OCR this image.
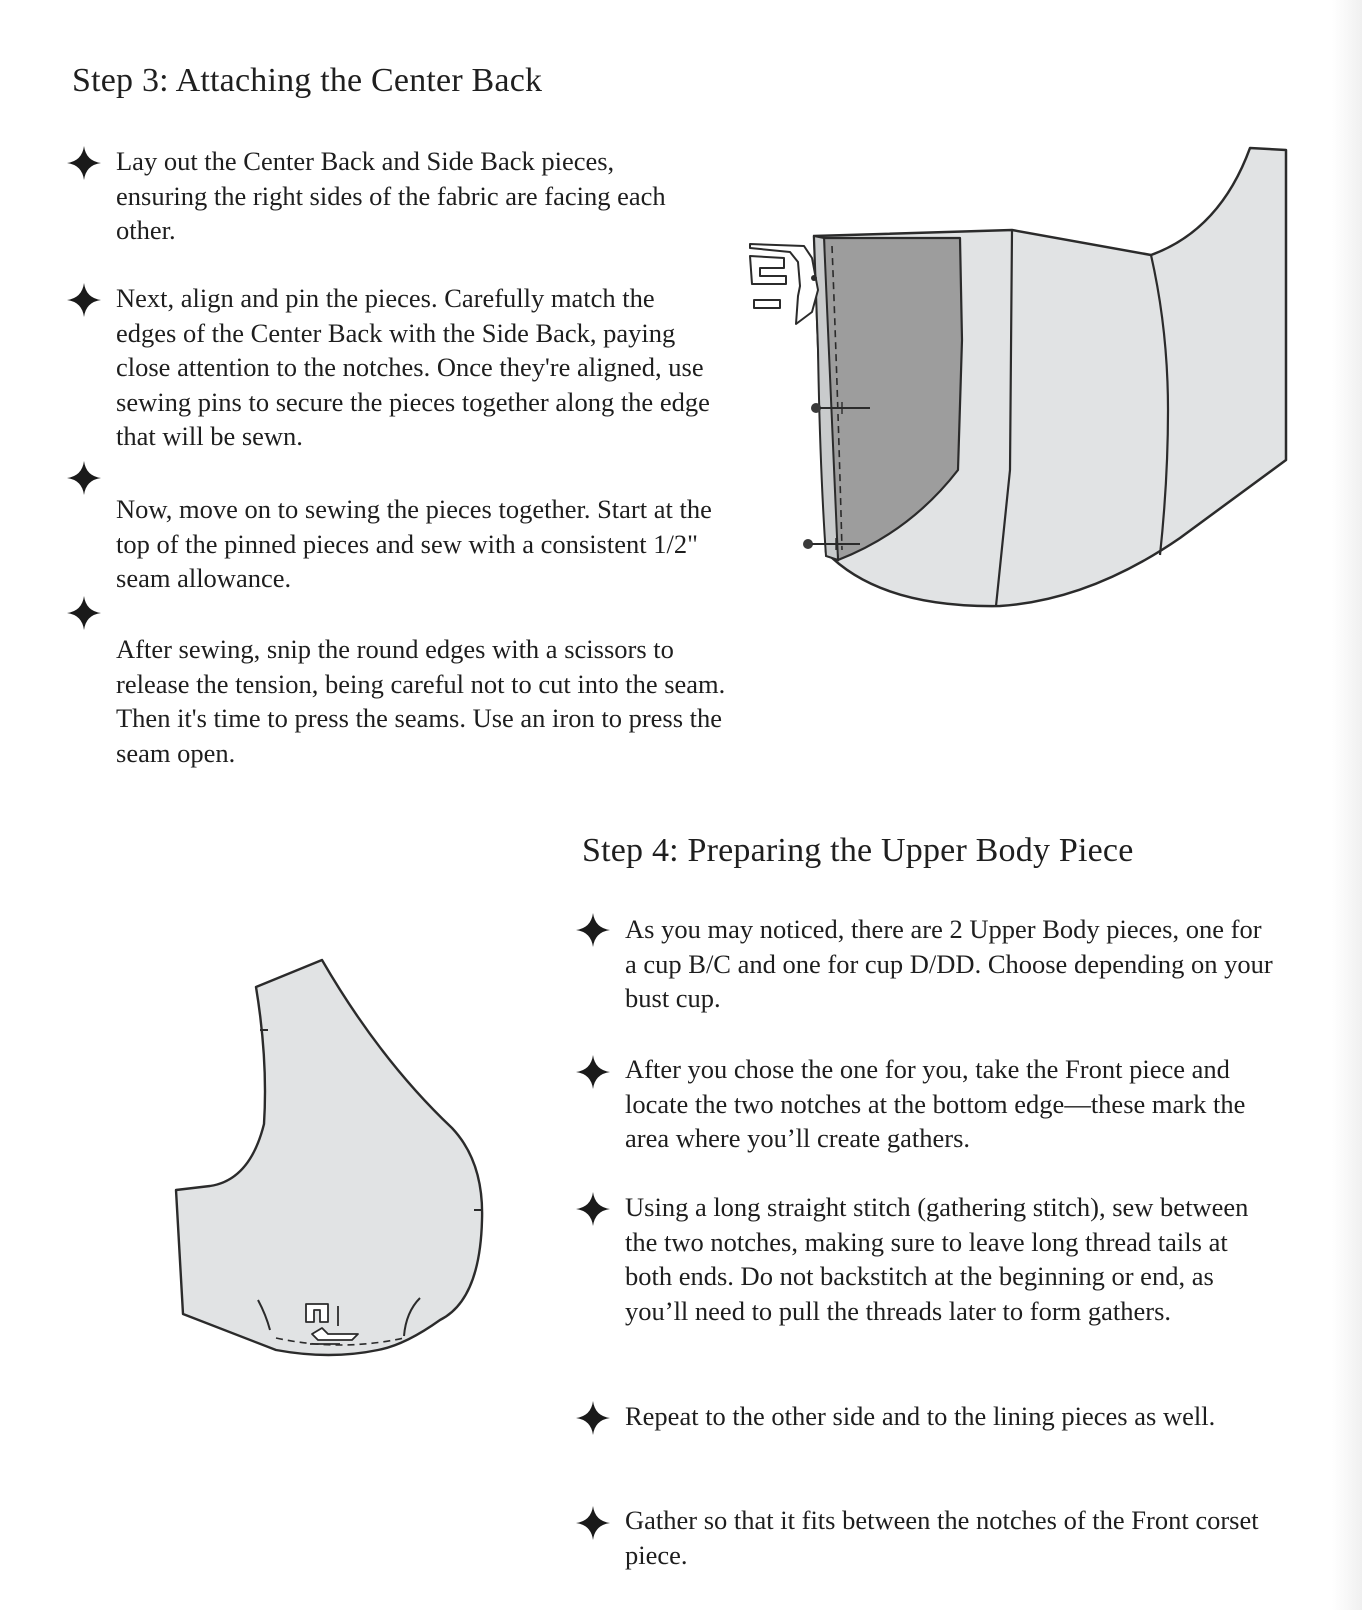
Step 3: Attaching the Center Back

Lay out the Center Back and Side Back pieces, ensuring the right sides of the fabric are facing each other.

Next, align and pin the pieces. Carefully match the edges of the Center Back with the Side Back, paying close attention to the notches. Once they're aligned, use sewing pins to secure the pieces together along the edge that will be sewn.

Now, move on to sewing the pieces together. Start at the top of the pinned pieces and sew with a consistent 1/2" seam allowance.

After sewing, snip the round edges with a scissors to release the tension, being careful not to cut into the seam. Then it's time to press the seams. Use an iron to press the seam open.

Step 4: Preparing the Upper Body Piece

As you may noticed, there are 2 Upper Body pieces, one for a cup B/C and one for cup D/DD. Choose depending on your bust cup.

After you chose the one for you, take the Front piece and locate the two notches at the bottom edge—these mark the area where you’ll create gathers.

Using a long straight stitch (gathering stitch), sew between the two notches, making sure to leave long thread tails at both ends. Do not backstitch at the beginning or end, as you’ll need to pull the threads later to form gathers.

Repeat to the other side and to the lining pieces as well.

Gather so that it fits between the notches of the Front corset piece.
